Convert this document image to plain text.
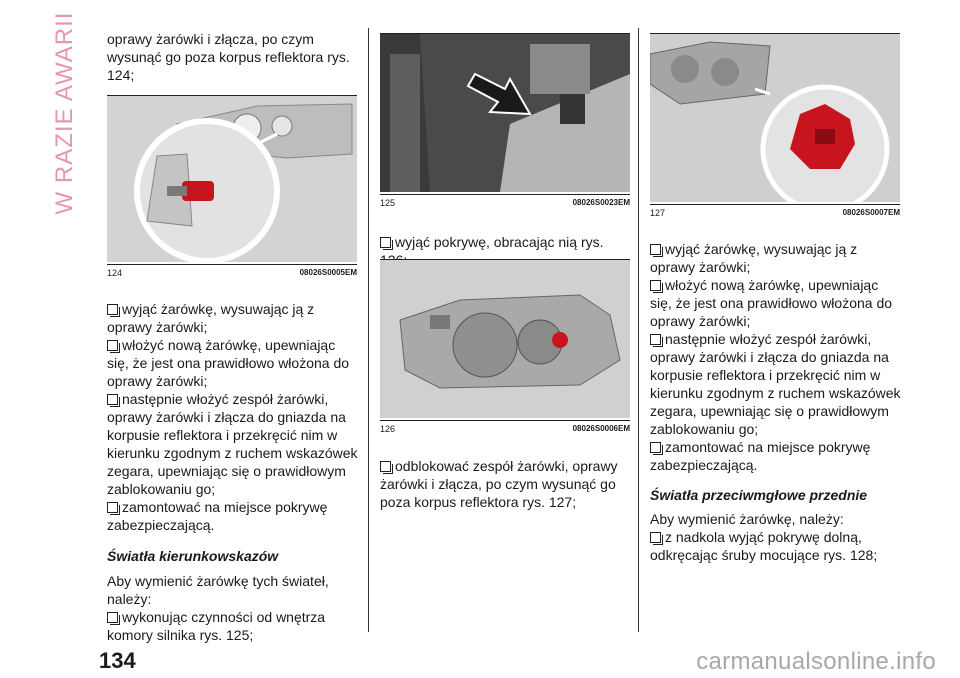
W RAZIE AWARII oprawy żarówki i złącza, po czym wysunąć go poza korpus reflektora rys. 124;

124	08026S0005EM

wyjąć żarówkę, wysuwając ją z oprawy żarówki;

włożyć nową żarówkę, upewniając się, że jest ona prawidłowo włożona do oprawy żarówki;

następnie włożyć zespół żarówki, oprawy żarówki i złącza do gniazda na korpusie reflektora i przekręcić nim w kierunku zgodnym z ruchem wskazówek zegara, upewniając się o prawidłowym zablokowaniu go;

zamontować na miejsce pokrywę zabezpieczającą.

Światła kierunkowskazów

Aby wymienić żarówkę tych świateł, należy:

wykonując czynności od wnętrza komory silnika rys. 125;

125	08026S0023EM

wyjąć pokrywę, obracając nią rys.

126	08026S0006EM

odblokować zespół żarówki, oprawy żarówki i złącza, po czym wysunąć go poza korpus reflektora rys. 127;

127	08026S0007EM

wyjąć żarówkę, wysuwając ją z oprawy żarówki;

włożyć nową żarówkę, upewniając się, że jest ona prawidłowo włożona do oprawy żarówki;

następnie włożyć zespół żarówki, oprawy żarówki i złącza do gniazda na korpusie reflektora i przekręcić nim w kierunku zgodnym z ruchem wskazówek zegara, upewniając się o prawidłowym zablokowaniu go;

zamontować na miejsce pokrywę zabezpieczającą.

Światła przeciwmgłowe przednie

Aby wymienić żarówkę, należy:

z nadkola wyjąć pokrywę dolną, odkręcając śruby mocujące rys. 128;

134	carmanualsonline.info
